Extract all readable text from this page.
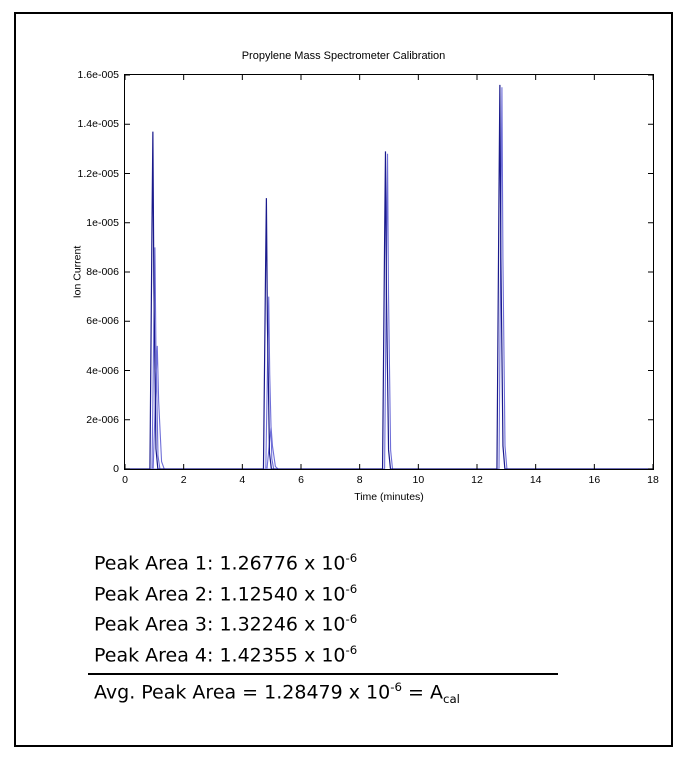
Propylene Mass Spectrometer Calibration
0
2e-006
4e-006
6e-006
8e-006
1e-005
1.2e-005
1.4e-005
1.6e-005
0	2	4	6	8	10	12	14	16	18
Time (minutes)
Ion Current
Peak Area 1: 1.26776 x $10^{-6}$
Peak Area 2: 1.12540 x $10^{-6}$
Peak Area 3: 1.32246 x $10^{-6}$
Peak Area 4: 1.42355 x $10^{-6}$
Avg. Peak Area = 1.28479 x $10^{-6} = A_{cal}$
